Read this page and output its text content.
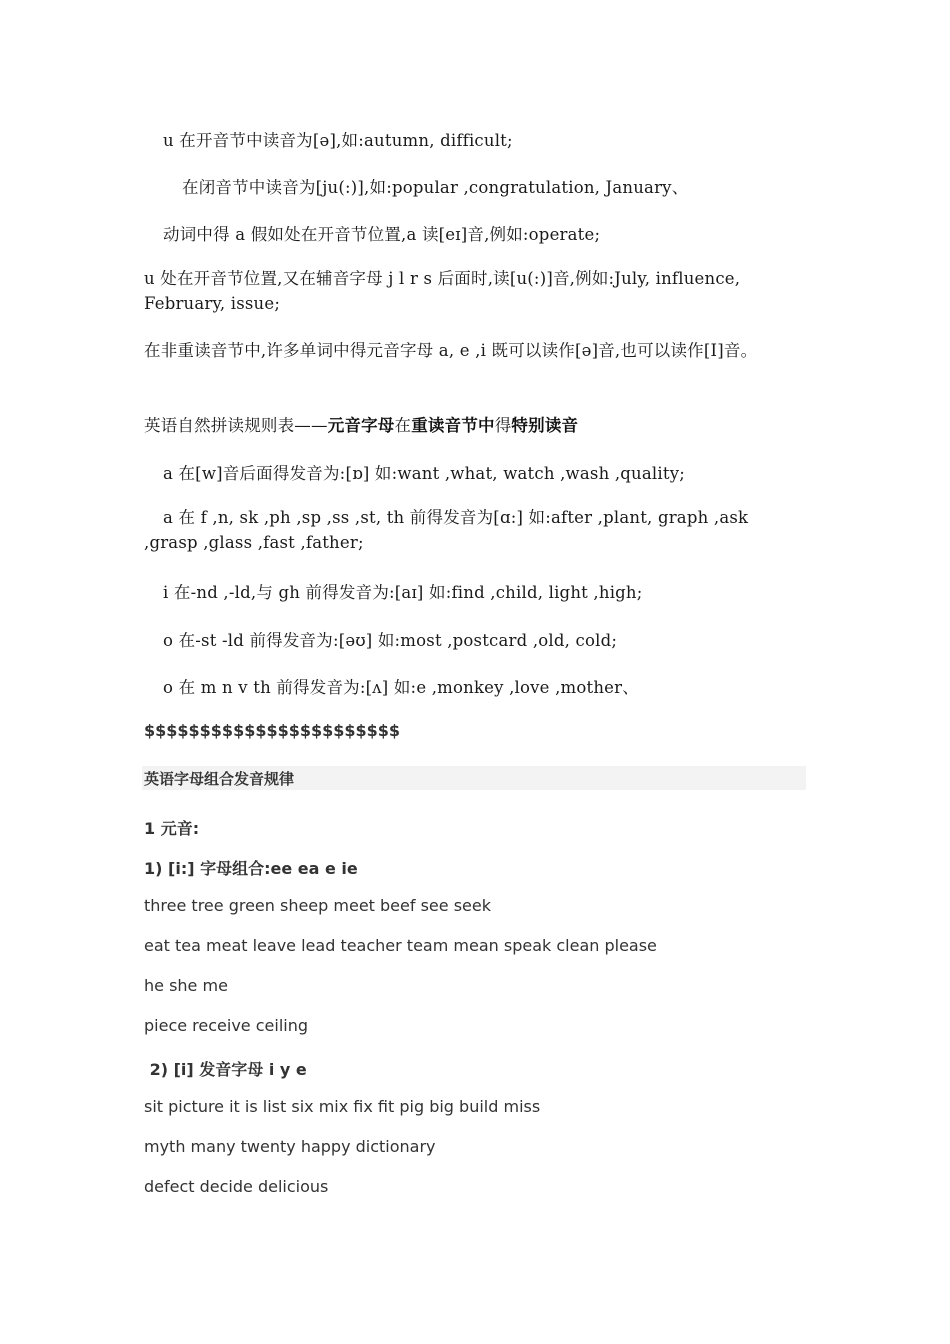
u 在开音节中读音为[ə],如:autumn, difficult;
在闭音节中读音为[ju(:)],如:popular ,congratulation, January、
动词中得 a 假如处在开音节位置,a 读[eɪ]音,例如:operate;
u 处在开音节位置,又在辅音字母 j l r s 后面时,读[u(:)]音,例如:July, influence, February, issue;
在非重读音节中,许多单词中得元音字母 a, e ,i 既可以读作[ə]音,也可以读作[I]音。
英语自然拼读规则表——元音字母在重读音节中得特别读音
a 在[w]音后面得发音为:[ɒ] 如:want ,what, watch ,wash ,quality;
a 在 f ,n, sk ,ph ,sp ,ss ,st, th 前得发音为[ɑ:] 如:after ,plant, graph ,ask ,grasp ,glass ,fast ,father;
i 在-nd ,-ld,与 gh 前得发音为:[aɪ] 如:find ,child, light ,high;
o 在-st -ld 前得发音为:[əʊ] 如:most ,postcard ,old, cold;
o 在 m n v th 前得发音为:[ʌ] 如:e ,monkey ,love ,mother、
$$$$$$$$$$$$$$$$$$$$$$$
英语字母组合发音规律
1 元音:
1) [i:] 字母组合:ee ea e ie
three tree green sheep meet beef see seek
eat tea meat leave lead teacher team mean speak clean please
he she me
piece receive ceiling
2) [i] 发音字母 i y e
sit picture it is list six mix fix fit pig big build miss
myth many twenty happy dictionary
defect decide delicious
